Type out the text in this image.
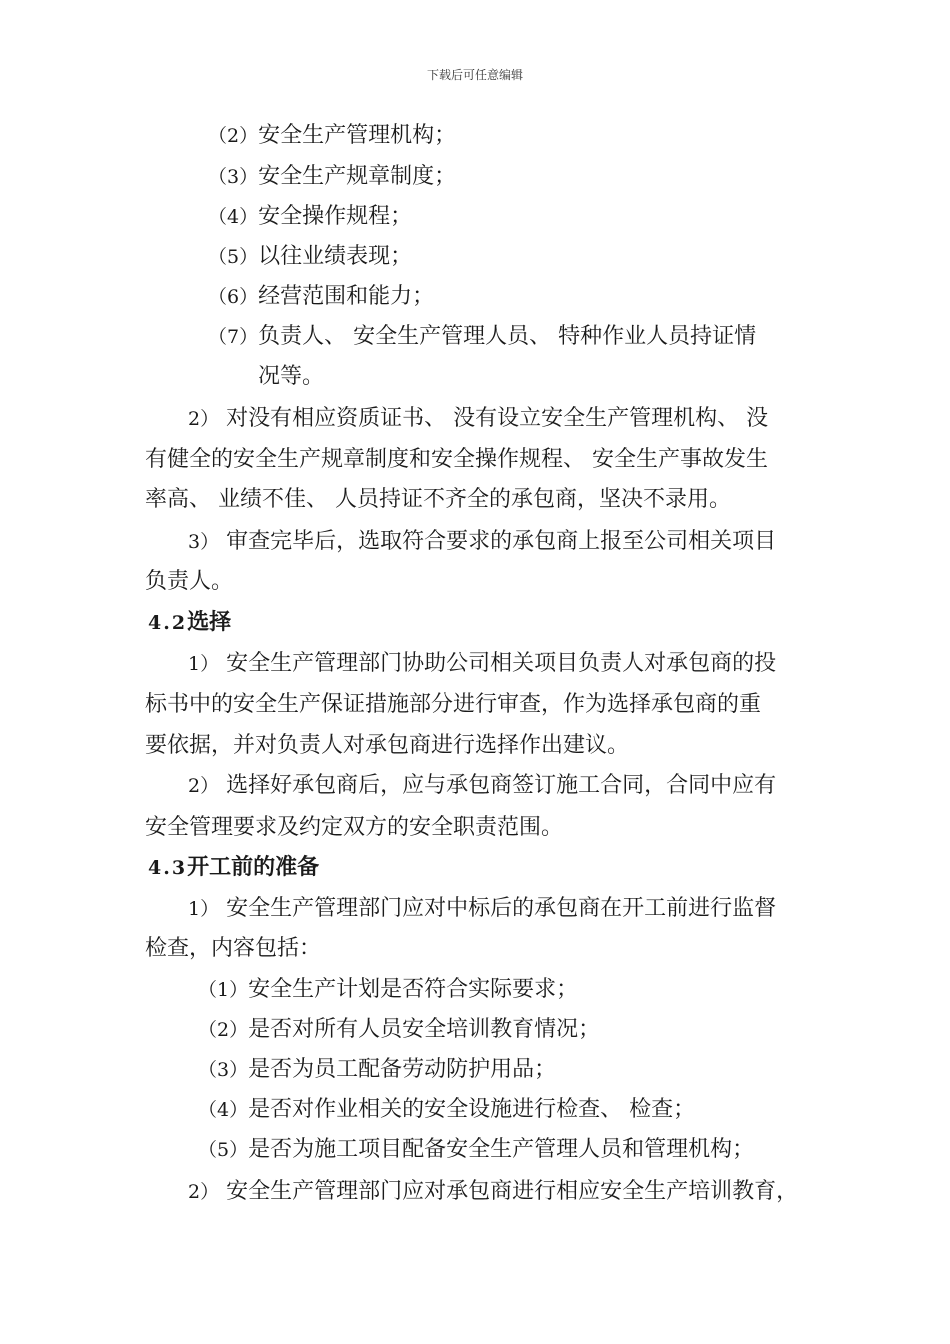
下载后可任意编辑
（2）安全生产管理机构；
（3）安全生产规章制度；
（4）安全操作规程；
（5）以往业绩表现；
（6）经营范围和能力；
（7）负责人、 安全生产管理人员、 特种作业人员持证情
况等。
2） 对没有相应资质证书、 没有设立安全生产管理机构、 没
有健全的安全生产规章制度和安全操作规程、 安全生产事故发生
率高、 业绩不佳、 人员持证不齐全的承包商，坚决不录用。
3） 审查完毕后，选取符合要求的承包商上报至公司相关项目
负责人。
4.2选择
1） 安全生产管理部门协助公司相关项目负责人对承包商的投
标书中的安全生产保证措施部分进行审查，作为选择承包商的重
要依据，并对负责人对承包商进行选择作出建议。
2） 选择好承包商后，应与承包商签订施工合同，合同中应有
安全管理要求及约定双方的安全职责范围。
4.3开工前的准备
1） 安全生产管理部门应对中标后的承包商在开工前进行监督
检查，内容包括：
（1）安全生产计划是否符合实际要求；
（2）是否对所有人员安全培训教育情况；
（3）是否为员工配备劳动防护用品；
（4）是否对作业相关的安全设施进行检查、 检查；
（5）是否为施工项目配备安全生产管理人员和管理机构；
2） 安全生产管理部门应对承包商进行相应安全生产培训教育，
